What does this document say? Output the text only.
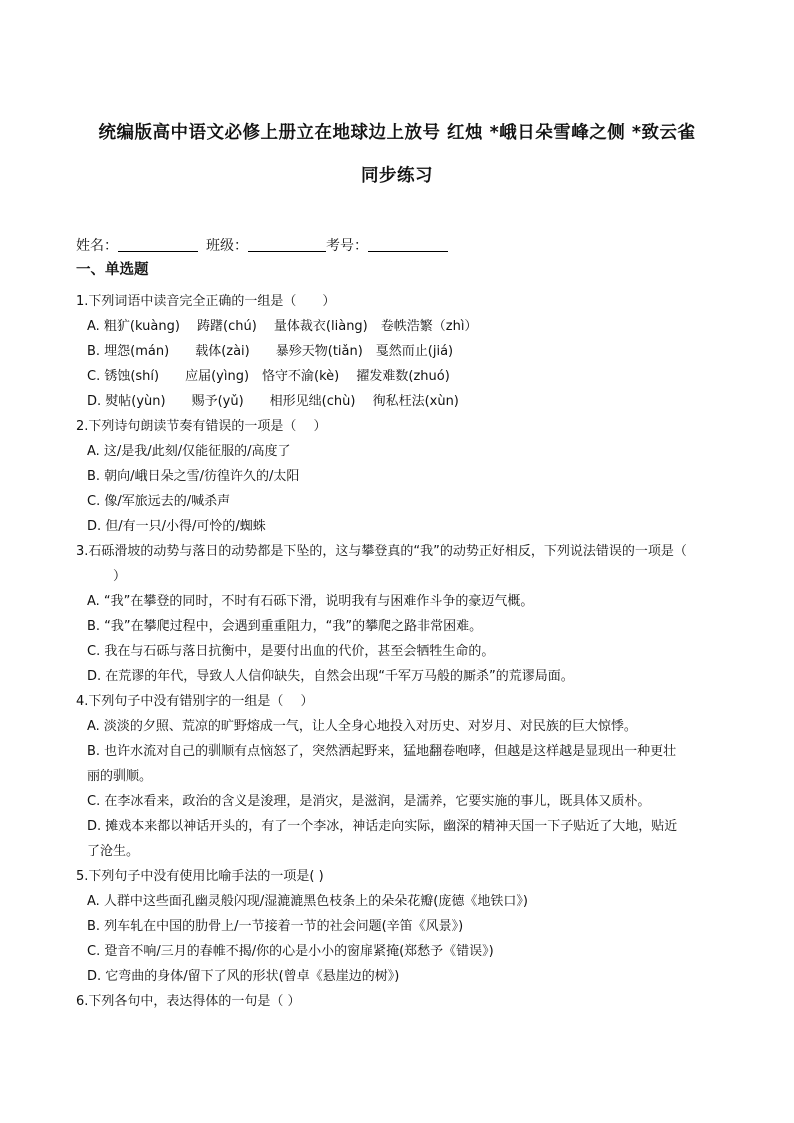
统编版高中语文必修上册立在地球边上放号 红烛 *峨日朵雪峰之侧 *致云雀
同步练习
姓名：	班级：	考号：
一、单选题

1.下列词语中读音完全正确的一组是（　　）

A. 粗犷(kuàng)　 踌躇(chú)　 量体裁衣(liàng)　卷帙浩繁（zhì）

B. 埋怨(mán)　　载体(zài)　　暴殄天物(tiǎn)　戛然而止(jiá)

C. 锈蚀(shí)　　应届(yìng)　恪守不渝(kè)　 擢发难数(zhuó)

D. 熨帖(yùn)　　赐予(yǔ)　　相形见绌(chù)　 徇私枉法(xùn)

2.下列诗句朗读节奏有错误的一项是（　 ）

A. 这/是我/此刻/仅能征服的/高度了

B. 朝向/峨日朵之雪/彷徨许久的/太阳

C. 像/军旅远去的/喊杀声

D. 但/有一只/小得/可怜的/蜘蛛

3.石砾滑坡的动势与落日的动势都是下坠的，这与攀登真的“我”的动势正好相反，下列说法错误的一项是（

　　）

A. “我”在攀登的同时，不时有石砾下滑，说明我有与困难作斗争的豪迈气概。

B. “我”在攀爬过程中，会遇到重重阻力，“我”的攀爬之路非常困难。

C. 我在与石砾与落日抗衡中，是要付出血的代价，甚至会牺牲生命的。

D. 在荒谬的年代，导致人人信仰缺失，自然会出现“千军万马般的厮杀”的荒谬局面。

4.下列句子中没有错别字的一组是（　 ）

A. 淡淡的夕照、荒凉的旷野熔成一气，让人全身心地投入对历史、对岁月、对民族的巨大惊悸。

B. 也许水流对自己的驯顺有点恼怒了，突然洒起野来，猛地翻卷咆哮，但越是这样越是显现出一种更壮

丽的驯顺。

C. 在李冰看来，政治的含义是浚理，是消灾，是滋润，是濡养，它要实施的事儿，既具体又质朴。

D. 摊戏本来都以神话开头的，有了一个李冰，神话走向实际，幽深的精神天国一下子贴近了大地，贴近

了沧生。

5.下列句子中没有使用比喻手法的一项是( )

A. 人群中这些面孔幽灵般闪现/湿漉漉黑色枝条上的朵朵花瓣(庞德《地铁口》)

B. 列车轧在中国的肋骨上/一节接着一节的社会问题(辛笛《风景》)

C. 跫音不响/三月的春帷不揭/你的心是小小的窗扉紧掩(郑愁予《错误》)

D. 它弯曲的身体/留下了风的形状(曾卓《悬崖边的树》)

6.下列各句中，表达得体的一句是（ ）
